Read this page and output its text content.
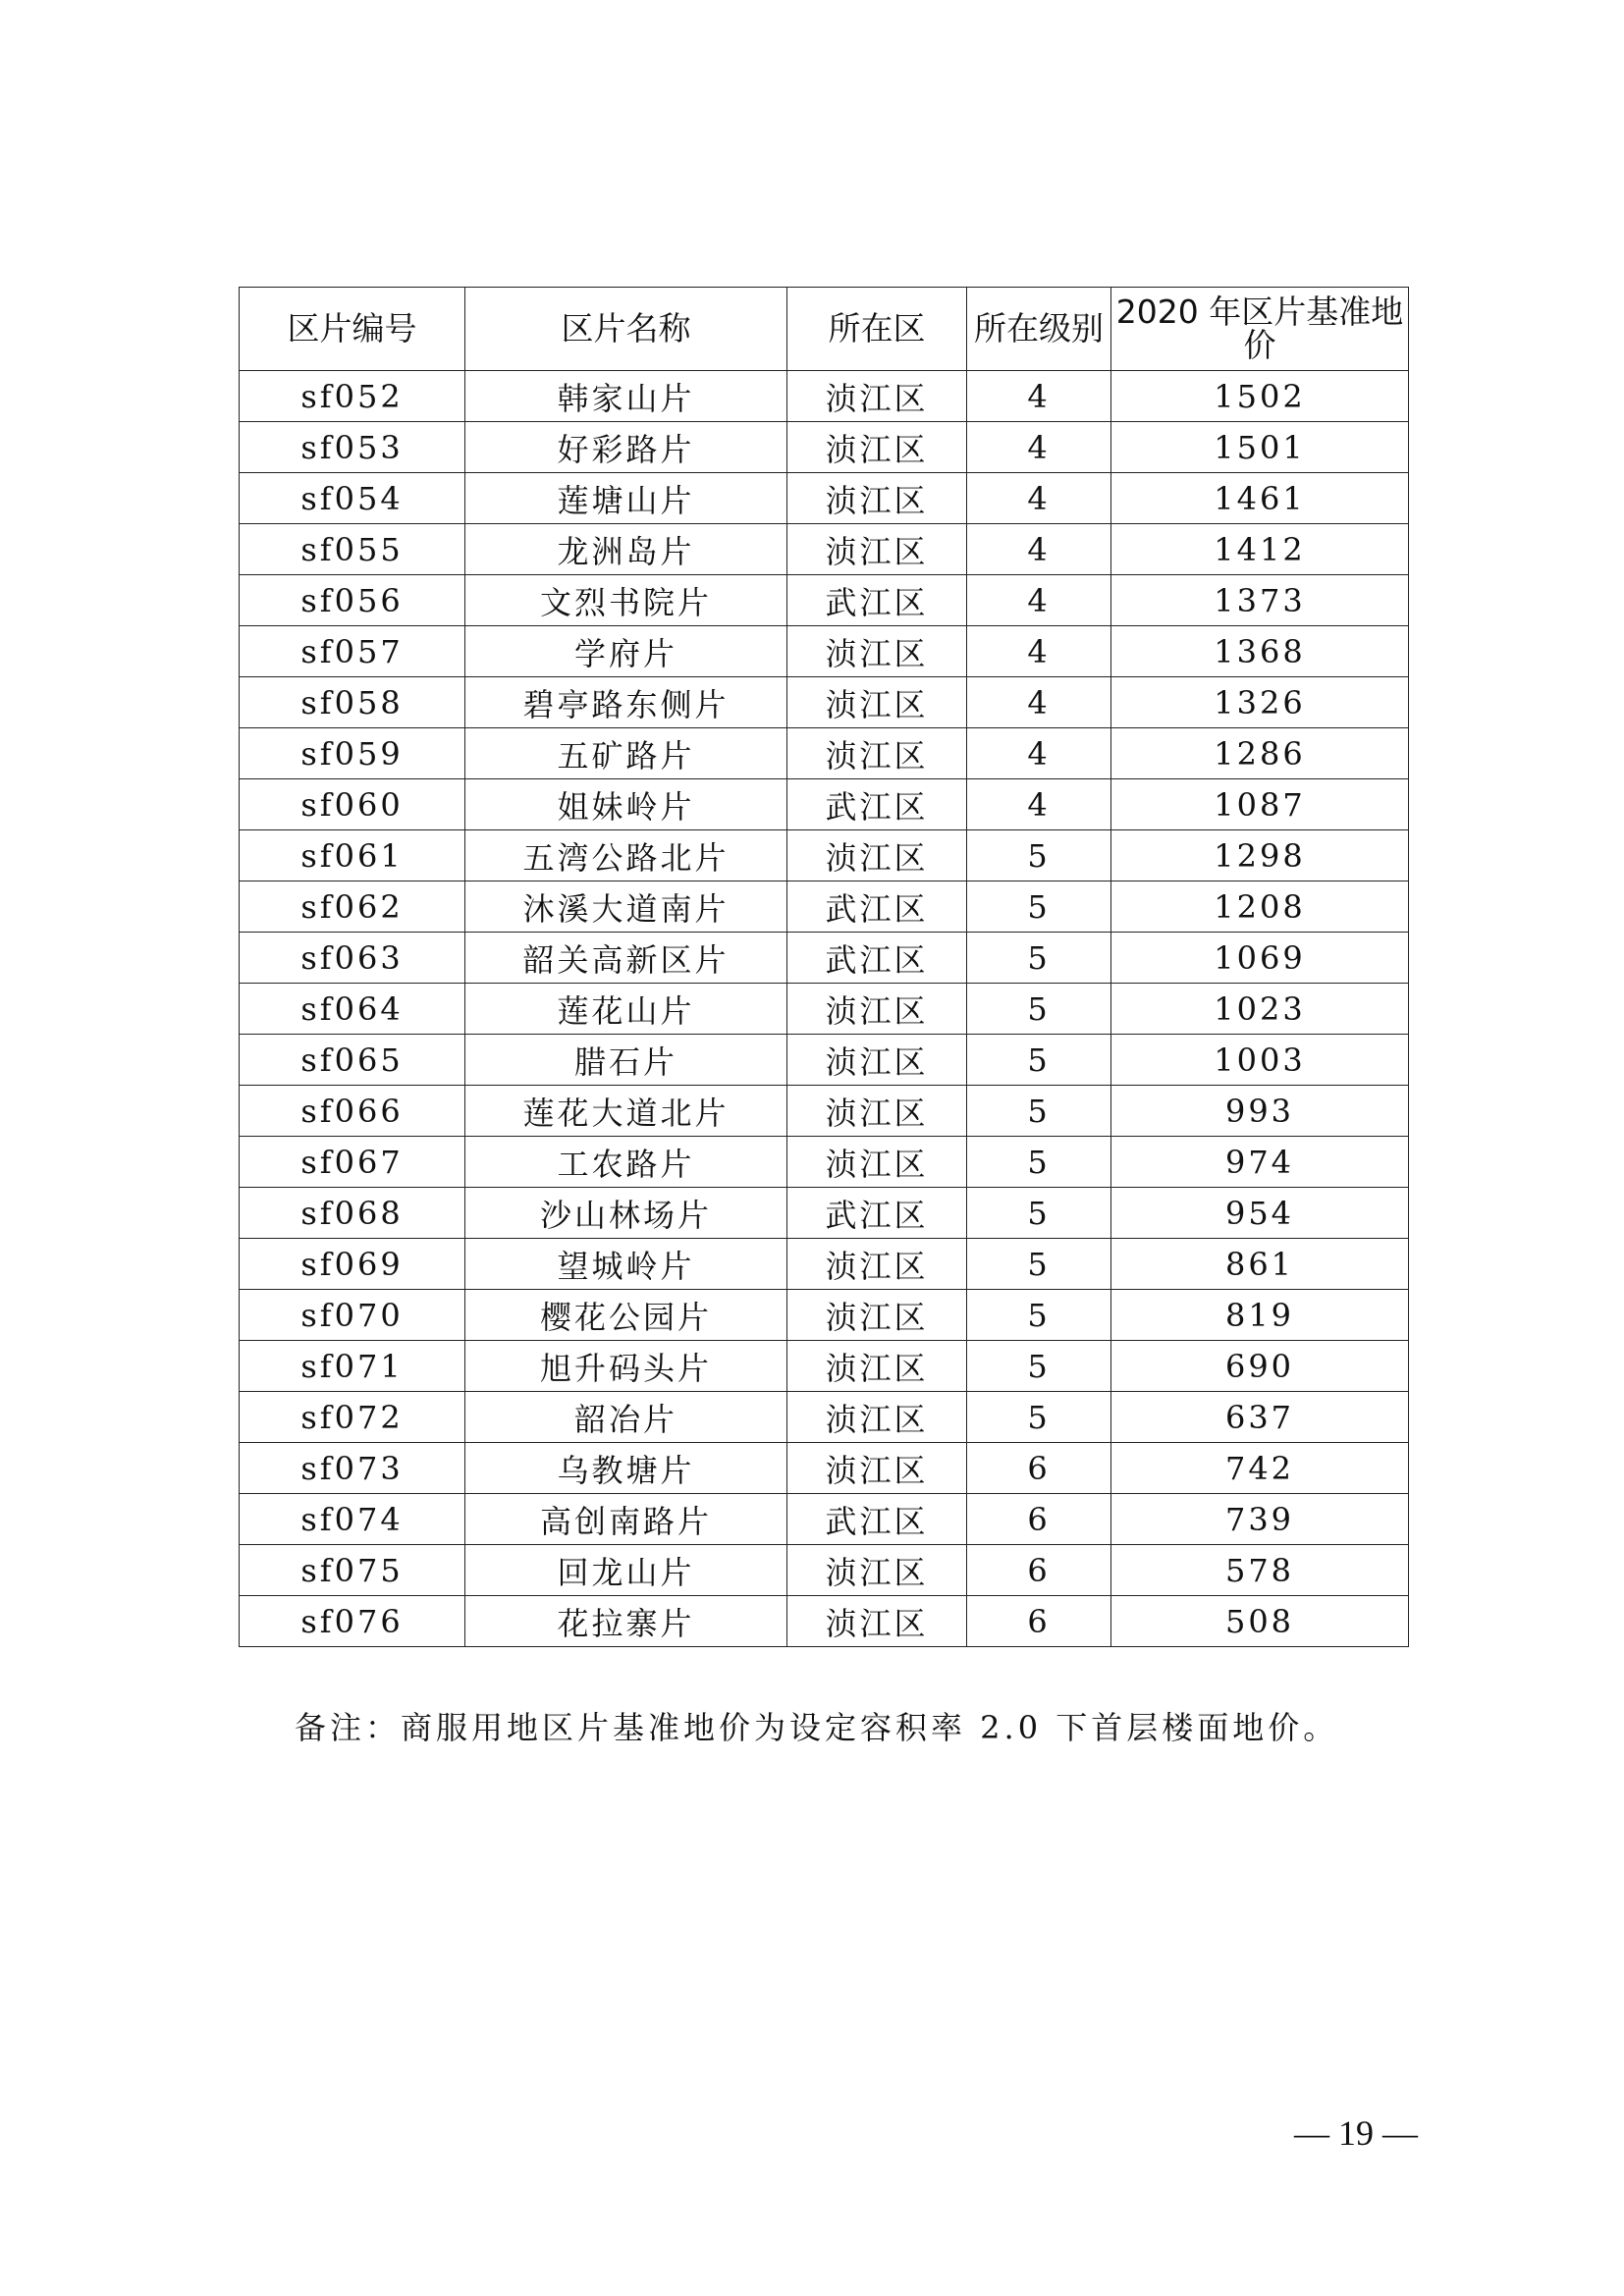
区片编号	区片名称	所在区	所在级别	2020 年区片基准地价
sf052	韩家山片	浈江区	4	1502
sf053	好彩路片	浈江区	4	1501
sf054	莲塘山片	浈江区	4	1461
sf055	龙洲岛片	浈江区	4	1412
sf056	文烈书院片	武江区	4	1373
sf057	学府片	浈江区	4	1368
sf058	碧亭路东侧片	浈江区	4	1326
sf059	五矿路片	浈江区	4	1286
sf060	姐妹岭片	武江区	4	1087
sf061	五湾公路北片	浈江区	5	1298
sf062	沐溪大道南片	武江区	5	1208
sf063	韶关高新区片	武江区	5	1069
sf064	莲花山片	浈江区	5	1023
sf065	腊石片	浈江区	5	1003
sf066	莲花大道北片	浈江区	5	993
sf067	工农路片	浈江区	5	974
sf068	沙山林场片	武江区	5	954
sf069	望城岭片	浈江区	5	861
sf070	樱花公园片	浈江区	5	819
sf071	旭升码头片	浈江区	5	690
sf072	韶冶片	浈江区	5	637
sf073	乌教塘片	浈江区	6	742
sf074	高创南路片	武江区	6	739
sf075	回龙山片	浈江区	6	578
sf076	花拉寨片	浈江区	6	508
备注：商服用地区片基准地价为设定容积率 2.0 下首层楼面地价。
— 19 —
